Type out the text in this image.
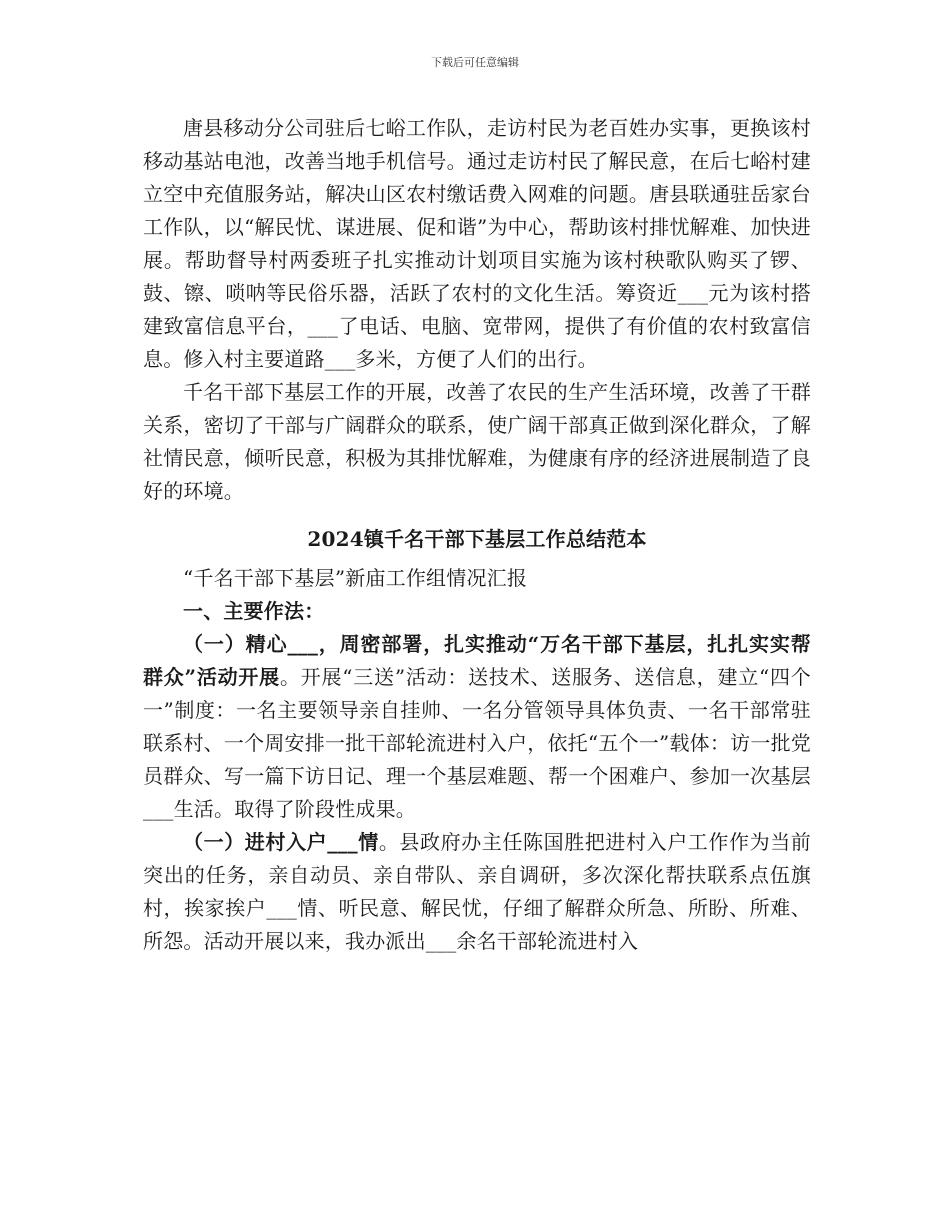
下载后可任意编辑

唐县移动分公司驻后七峪工作队，走访村民为老百姓办实事，更换该村移动基站电池，改善当地手机信号。通过走访村民了解民意，在后七峪村建立空中充值服务站，解决山区农村缴话费入网难的问题。唐县联通驻岳家台工作队，以“解民忧、谋进展、促和谐”为中心，帮助该村排忧解难、加快进展。帮助督导村两委班子扎实推动计划项目实施为该村秧歌队购买了锣、鼓、镲、唢呐等民俗乐器，活跃了农村的文化生活。筹资近___元为该村搭建致富信息平台，___了电话、电脑、宽带网，提供了有价值的农村致富信息。修入村主要道路___多米，方便了人们的出行。

千名干部下基层工作的开展，改善了农民的生产生活环境，改善了干群关系，密切了干部与广阔群众的联系，使广阔干部真正做到深化群众，了解社情民意，倾听民意，积极为其排忧解难，为健康有序的经济进展制造了良好的环境。

2024镇千名干部下基层工作总结范本

“千名干部下基层”新庙工作组情况汇报

一、主要作法：

（一）精心___，周密部署，扎实推动“万名干部下基层，扎扎实实帮群众”活动开展。开展“三送”活动：送技术、送服务、送信息，建立“四个一”制度：一名主要领导亲自挂帅、一名分管领导具体负责、一名干部常驻联系村、一个周安排一批干部轮流进村入户，依托“五个一”载体：访一批党员群众、写一篇下访日记、理一个基层难题、帮一个困难户、参加一次基层___生活。取得了阶段性成果。

（一）进村入户___情。县政府办主任陈国胜把进村入户工作作为当前突出的任务，亲自动员、亲自带队、亲自调研，多次深化帮扶联系点伍旗村，挨家挨户___情、听民意、解民忧，仔细了解群众所急、所盼、所难、所怨。活动开展以来，我办派出___余名干部轮流进村入
